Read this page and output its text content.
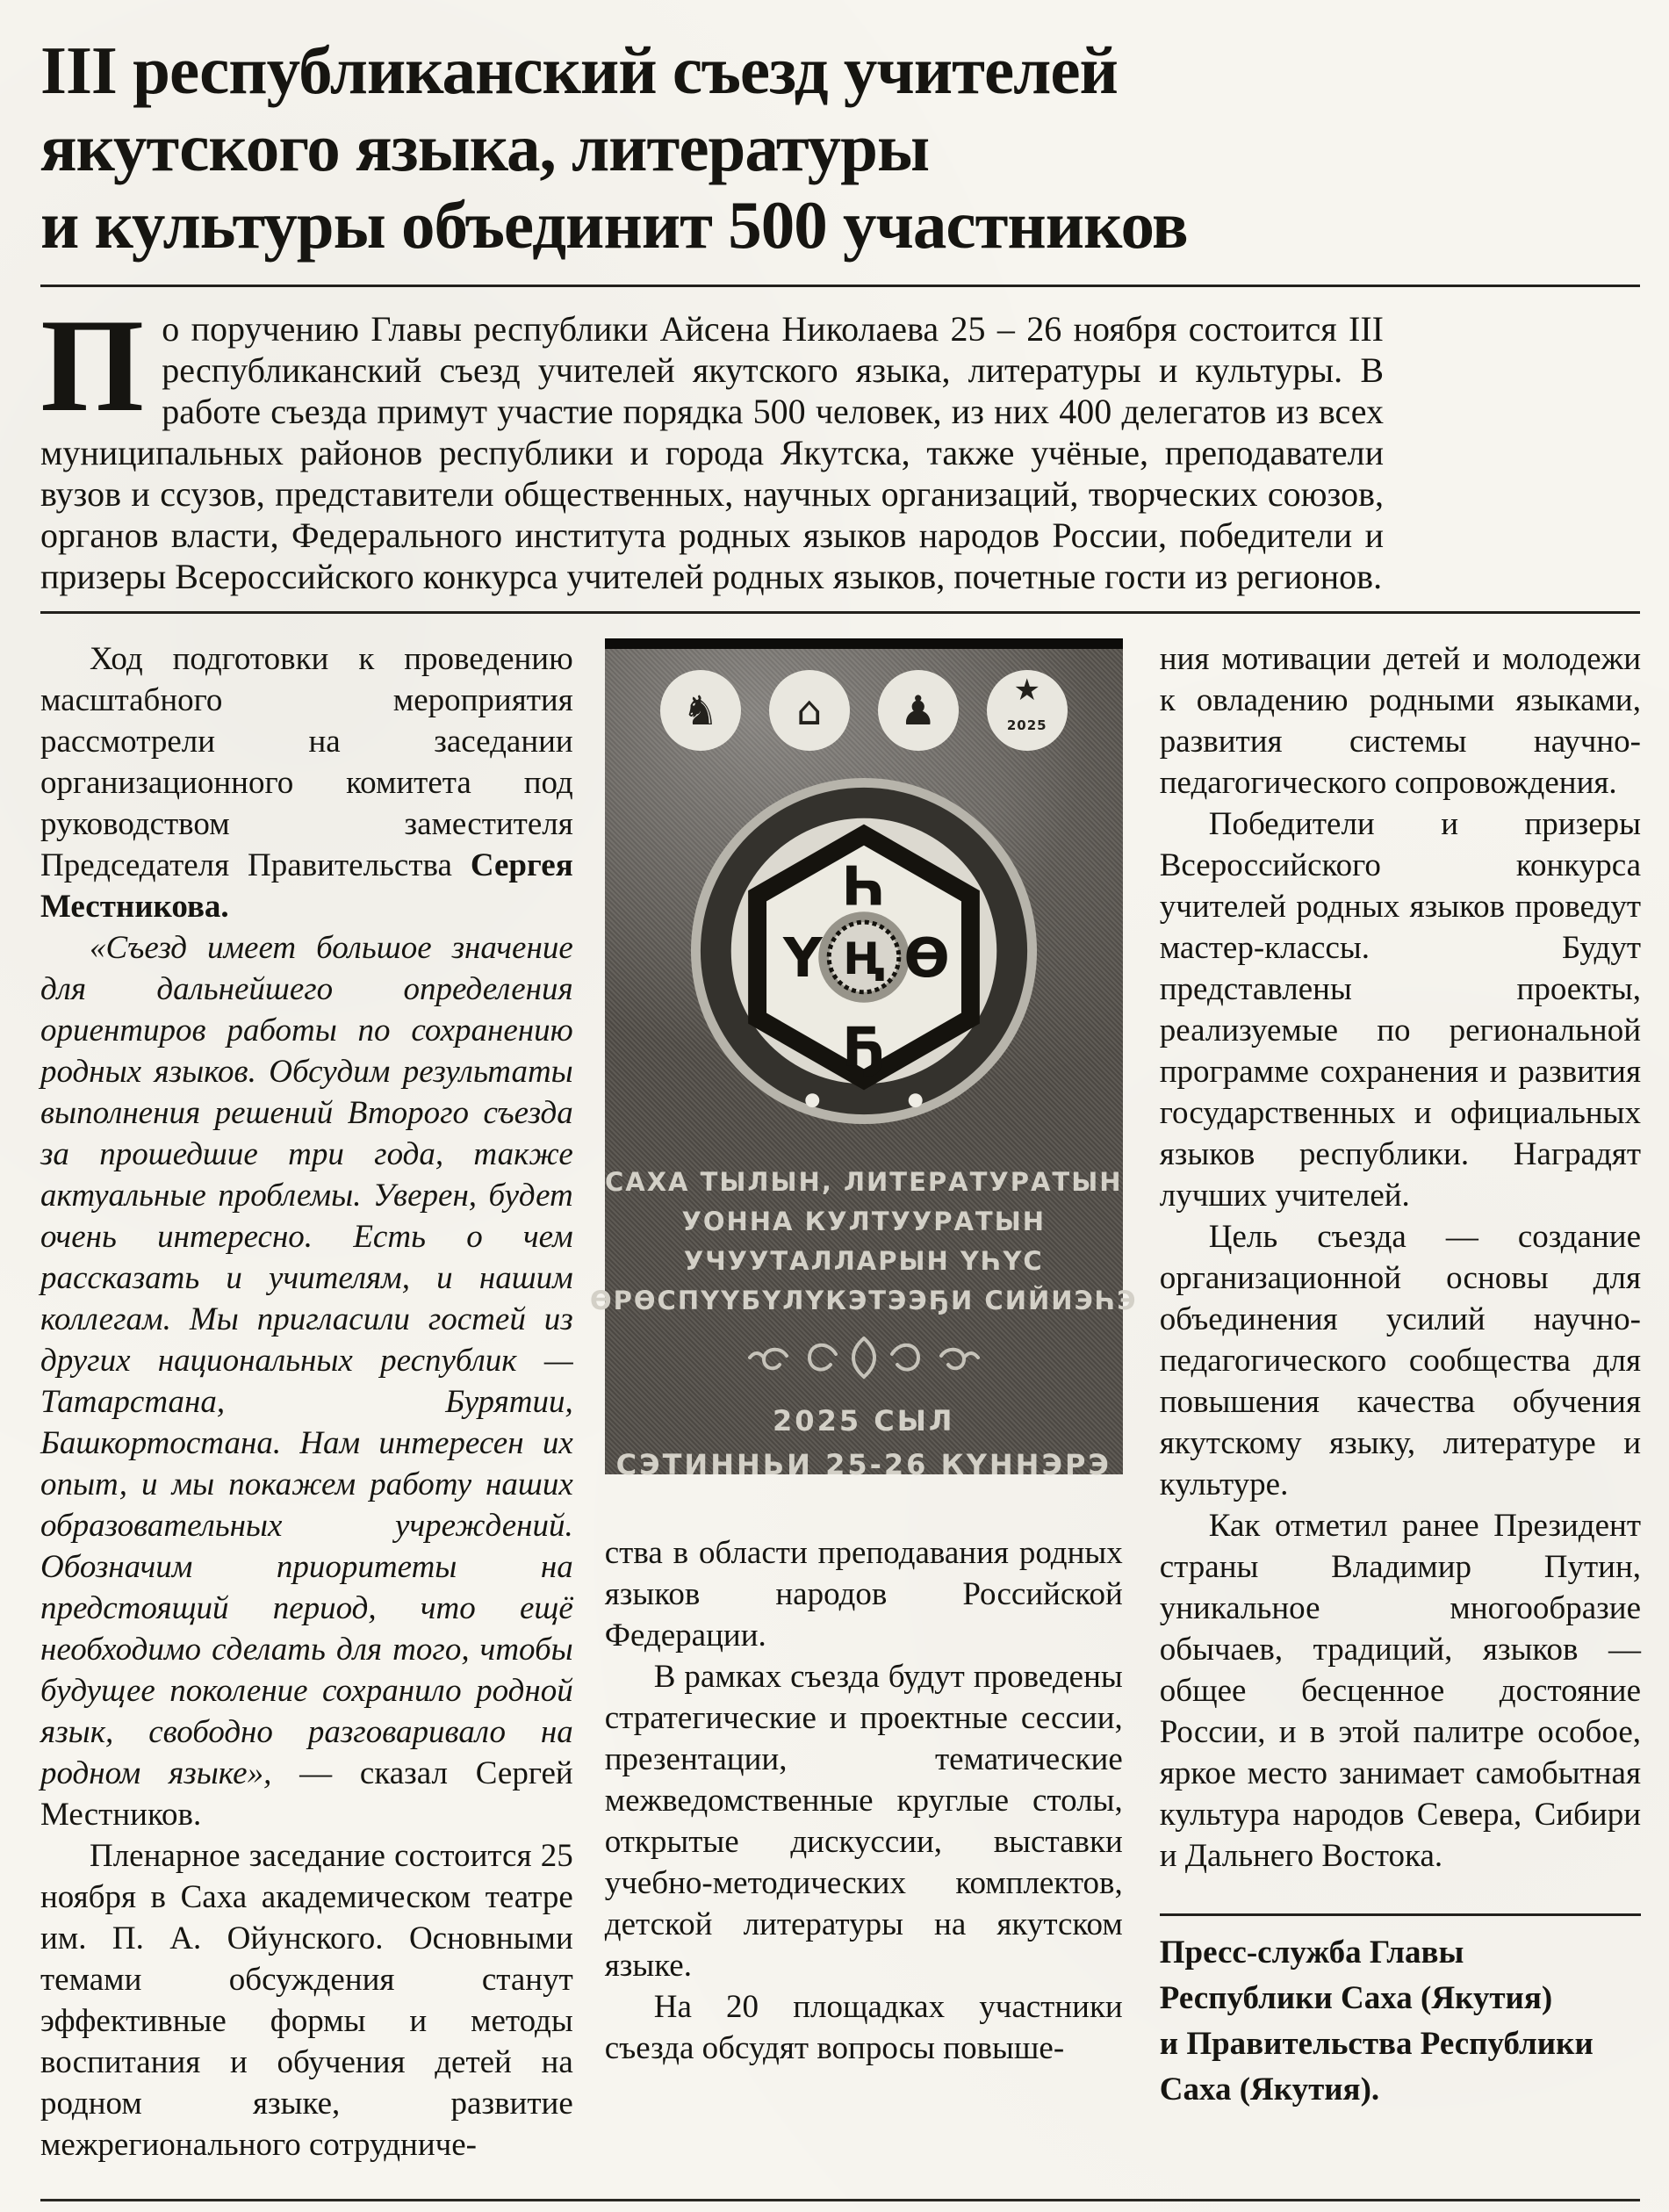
III республиканский съезд учителей
якутского языка, литературы
и культуры объединит 500 участников
По поручению Главы республики Айсена Николаева 25 – 26 ноября состоится III республиканский съезд учителей якутского языка, литературы и культуры. В работе съезда примут участие порядка 500 человек, из них 400 делегатов из всех муниципальных районов республики и города Якутска, также учёные, преподаватели вузов и ссузов, представители общественных, научных организаций, творческих союзов, органов власти, Федерального института родных языков народов России, победители и призеры Всероссийского конкурса учителей родных языков, почетные гости из регионов.

Ход подготовки к проведению масштабного мероприятия рассмотрели на заседании организационного комитета под руководством заместителя Председателя Правительства Сергея Местникова.

«Съезд имеет большое значение для дальнейшего определения ориентиров работы по сохранению родных языков. Обсудим результаты выполнения решений Второго съезда за прошедшие три года, также актуальные проблемы. Уверен, будет очень интересно. Есть о чем рассказать и учителям, и нашим коллегам. Мы пригласили гостей из других национальных республик — Татарстана, Бурятии, Башкортостана. Нам интересен их опыт, и мы покажем работу наших образовательных учреждений. Обозначим приоритеты на предстоящий период, что ещё необходимо сделать для того, чтобы будущее поколение сохранило родной язык, свободно разговаривало на родном языке», — сказал Сергей Местников.

Пленарное заседание состоится 25 ноября в Саха академическом театре им. П. А. Ойунского. Основными темами обсуждения станут эффективные формы и методы воспитания и обучения детей на родном языке, развитие межрегионального сотрудниче-

♞ ⌂ ♟	★
2025
Һ
Ү Ө
Ҕ
Ң
САХА ТЫЛЫН, ЛИТЕРАТУРАТЫН
УОННА КУЛТУУРАТЫН
УЧУУТАЛЛАРЫН ҮҺҮС
ӨРӨСПҮҮБҮЛҮКЭТЭЭҔИ СИЙИЭҺЭ
2025 СЫЛ
СЭТИННЬИ 25-26 КҮННЭРЭ

ства в области преподавания родных языков народов Российской Федерации.

В рамках съезда будут проведены стратегические и проектные сессии, презентации, тематические межведомственные круглые столы, открытые дискуссии, выставки учебно-методических комплектов, детской литературы на якутском языке.

На 20 площадках участники съезда обсудят вопросы повыше-

ния мотивации детей и молодежи к овладению родными языками, развития системы научно-педагогического сопровождения.

Победители и призеры Всероссийского конкурса учителей родных языков проведут мастер-классы. Будут представлены проекты, реализуемые по региональной программе сохранения и развития государственных и официальных языков республики. Наградят лучших учителей.

Цель съезда — создание организационной основы для объединения усилий научно-педагогического сообщества для повышения качества обучения якутскому языку, литературе и культуре.

Как отметил ранее Президент страны Владимир Путин, уникальное многообразие обычаев, традиций, языков — общее бесценное достояние России, и в этой палитре особое, яркое место занимает самобытная культура народов Севера, Сибири и Дальнего Востока.

Пресс-служба Главы
Республики Саха (Якутия)
и Правительства Республики
Саха (Якутия).
